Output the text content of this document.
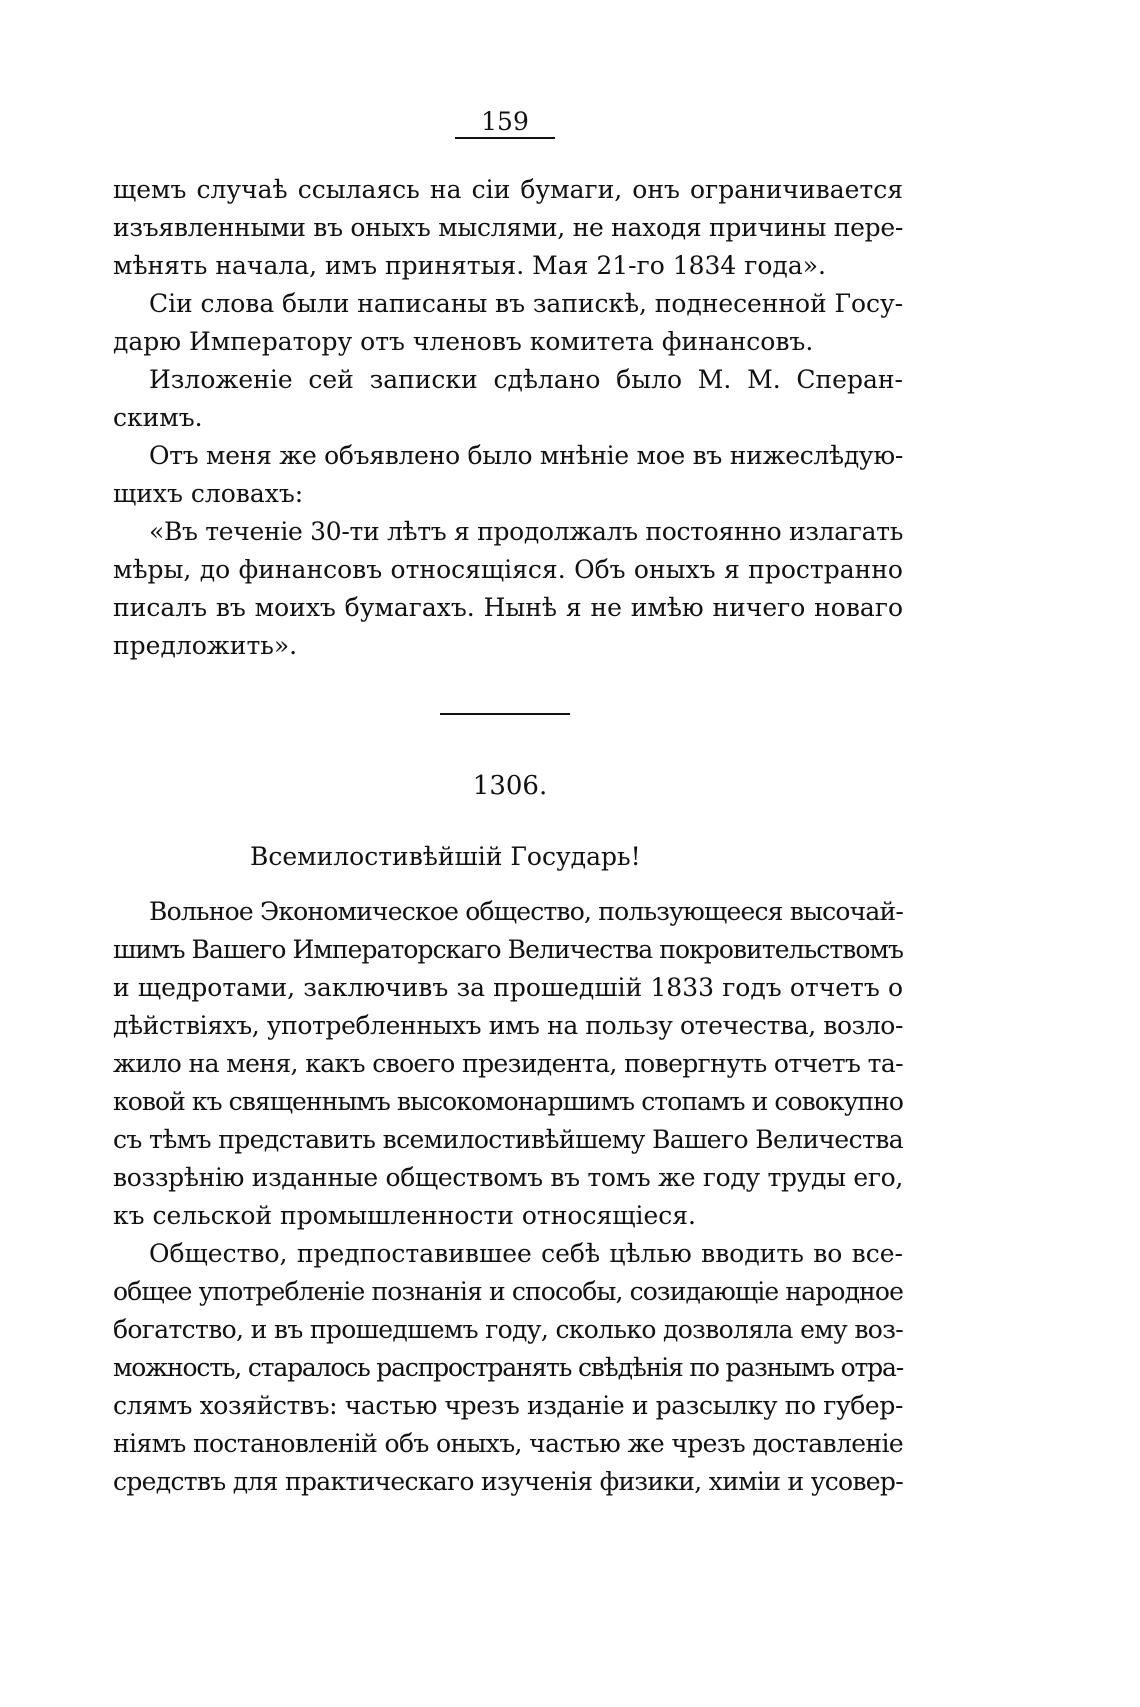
159
щемъ случаѣ ссылаясь на сіи бумаги, онъ ограничивается
изъявленными въ оныхъ мыслями, не находя причины пере-
мѣнять начала, имъ принятыя. Мая 21-го 1834 года».
Сіи слова были написаны въ запискѣ, поднесенной Госу-
дарю Императору отъ членовъ комитета финансовъ.
Изложеніе сей записки сдѣлано было М. М. Сперан-
скимъ.
Отъ меня же объявлено было мнѣніе мое въ нижеслѣдую-
щихъ словахъ:
«Въ теченіе 30-ти лѣтъ я продолжалъ постоянно излагать
мѣры, до финансовъ относящіяся. Объ оныхъ я пространно
писалъ въ моихъ бумагахъ. Нынѣ я не имѣю ничего новаго
предложить».
1306.
Всемилостивѣйшій Государь!
Вольное Экономическое общество, пользующееся высочай-
шимъ Вашего Императорскаго Величества покровительствомъ
и щедротами, заключивъ за прошедшій 1833 годъ отчетъ о
дѣйствіяхъ, употребленныхъ имъ на пользу отечества, возло-
жило на меня, какъ своего президента, повергнуть отчетъ та-
ковой къ священнымъ высокомонаршимъ стопамъ и совокупно
съ тѣмъ представить всемилостивѣйшему Вашего Величества
воззрѣнію изданные обществомъ въ томъ же году труды его,
къ сельской промышленности относящіеся.
Общество, предпоставившее себѣ цѣлью вводить во все-
общее употребленіе познанія и способы, созидающіе народное
богатство, и въ прошедшемъ году, сколько дозволяла ему воз-
можность, старалось распространять свѣдѣнія по разнымъ отра-
слямъ хозяйствъ: частью чрезъ изданіе и разсылку по губер-
ніямъ постановленій объ оныхъ, частью же чрезъ доставленіе
средствъ для практическаго изученія физики, химіи и усовер-
